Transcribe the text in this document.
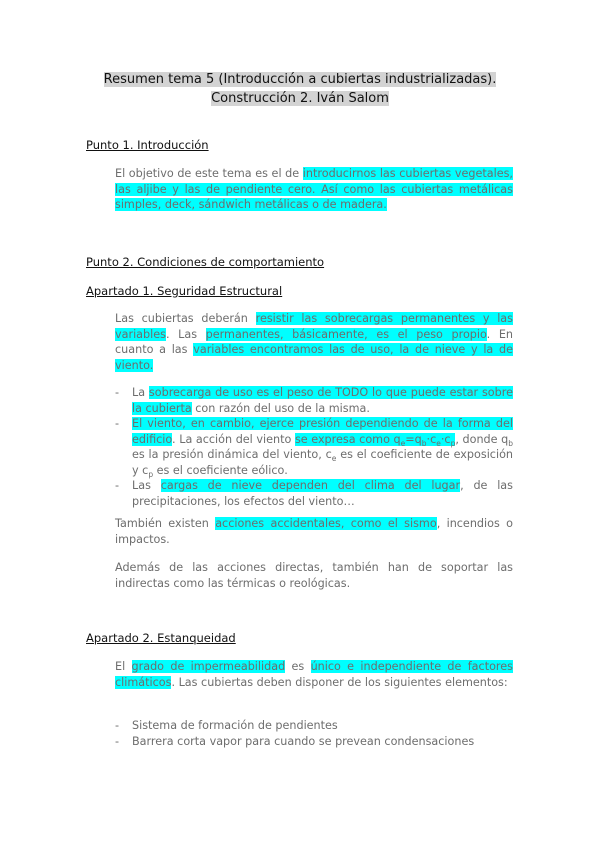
Resumen tema 5 (Introducción a cubiertas industrializadas).
Construcción 2. Iván Salom
Punto 1. Introducción
El objetivo de este tema es el de introducirnos las cubiertas vegetales, las aljibe y las de pendiente cero. Así como las cubiertas metálicas simples, deck, sándwich metálicas o de madera.
Punto 2. Condiciones de comportamiento
Apartado 1. Seguridad Estructural
Las cubiertas deberán resistir las sobrecargas permanentes y las variables. Las permanentes, básicamente, es el peso propio. En cuanto a las variables encontramos las de uso, la de nieve y la de viento.
- La sobrecarga de uso es el peso de TODO lo que puede estar sobre la cubierta con razón del uso de la misma.
- El viento, en cambio, ejerce presión dependiendo de la forma del edificio. La acción del viento se expresa como $q_e=q_b\cdot c_e\cdot c_p$, donde $q_b$ es la presión dinámica del viento, $c_e$ es el coeficiente de exposición y $c_p$ es el coeficiente eólico.
- Las cargas de nieve dependen del clima del lugar, de las precipitaciones, los efectos del viento…
También existen acciones accidentales, como el sismo, incendios o impactos.
Además de las acciones directas, también han de soportar las indirectas como las térmicas o reológicas.
Apartado 2. Estanqueidad
El grado de impermeabilidad es único e independiente de factores climáticos. Las cubiertas deben disponer de los siguientes elementos:
- Sistema de formación de pendientes
- Barrera corta vapor para cuando se prevean condensaciones
